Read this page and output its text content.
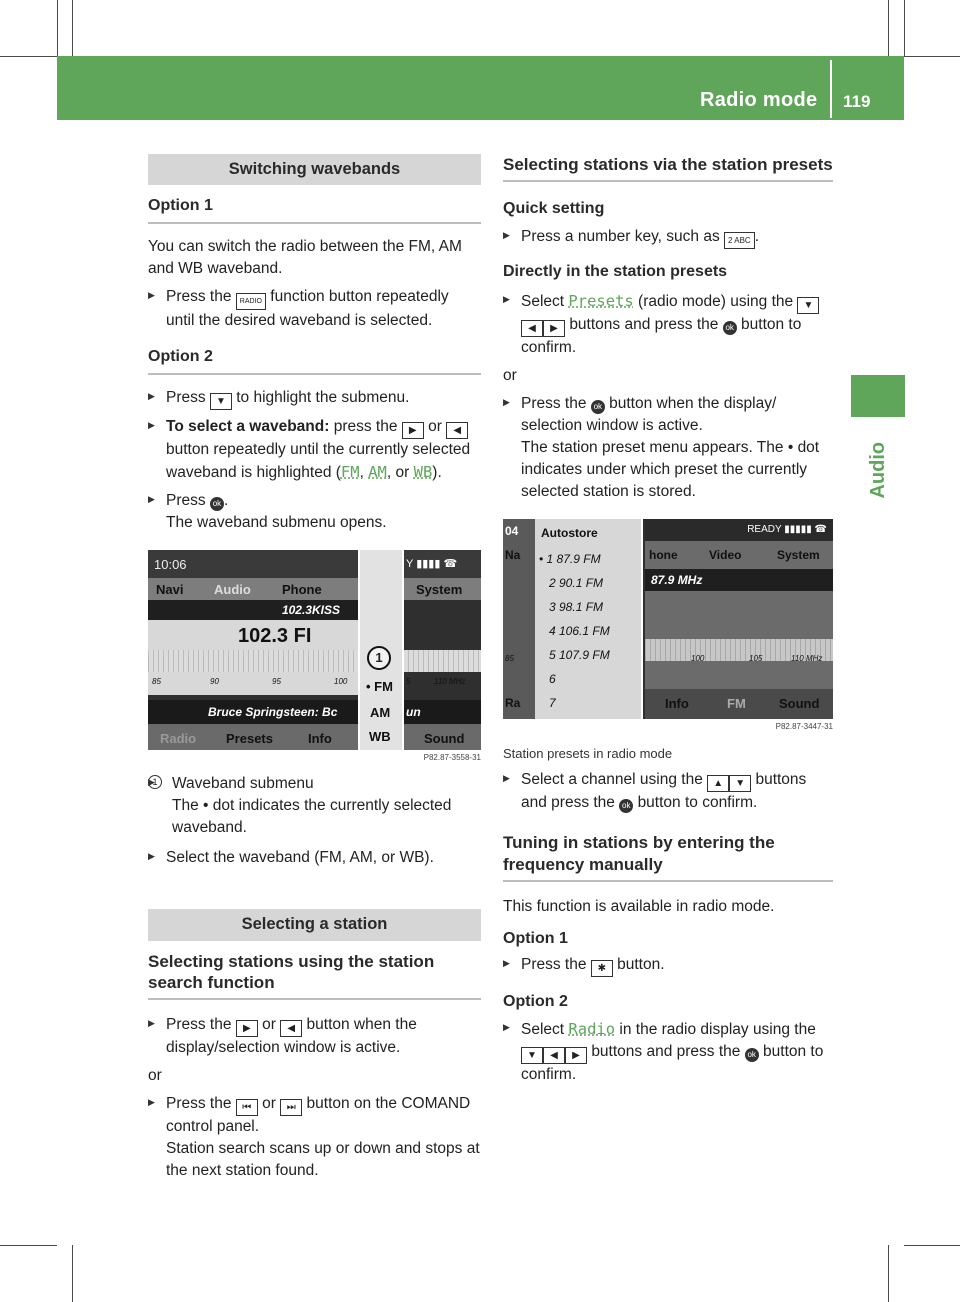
Radio mode 119
Audio
Switching wavebands
Option 1
You can switch the radio between the FM, AM and WB waveband.
▶ Press the RADIO function button repeatedly until the desired waveband is selected.
Option 2
▶ Press ▼ to highlight the submenu.
▶ To select a waveband: press the ▶ or ◀ button repeatedly until the currently selected waveband is highlighted (FM, AM, or WB).
▶ Press ok .
The waveband submenu opens.
10:06
Navi Audio Phone	System
Y ▮▮▮▮ ☎
102.3KISS
102.3 FI
85	90	95	100	5	110 MHz
Bruce Springsteen: Bc	un
Radio Presets	Info	Sound
1
• FM
AM
WB
P82.87-3558-31
▶ 1 Waveband submenu
The • dot indicates the currently selected waveband.
▶ Select the waveband (FM, AM, or WB).
Selecting a station
Selecting stations using the station search function
▶ Press the ▶ or ◀ button when the display/selection window is active.
or
▶ Press the ⏮ or ⏭ button on the COMAND control panel.
Station search scans up or down and stops at the next station found.
Selecting stations via the station presets
Quick setting
▶ Press a number key, such as 2 ABC .
Directly in the station presets
▶ Select Presets (radio mode) using the ▼◀ ▶ buttons and press the ok button to confirm.
or
▶ Press the ok button when the display/ selection window is active.
The station preset menu appears. The • dot indicates under which preset the currently selected station is stored.
04
Na
85
Ra
Autostore
• 1 87.9 FM
2 90.1 FM
3 98.1 FM
4 106.1 FM
5 107.9 FM
6
7
READY ▮▮▮▮▮ ☎
hone	Video	System
87.9 MHz
100	105	110 MHz
Info	FM	Sound
P82.87-3447-31
Station presets in radio mode
▶ Select a channel using the ▲ ▼ buttons and press the ok button to confirm.
Tuning in stations by entering the frequency manually
This function is available in radio mode.
Option 1
▶ Press the ✱ button.
Option 2
▶ Select Radio in the radio display using the ▼ ◀ ▶ buttons and press the ok button to confirm.
